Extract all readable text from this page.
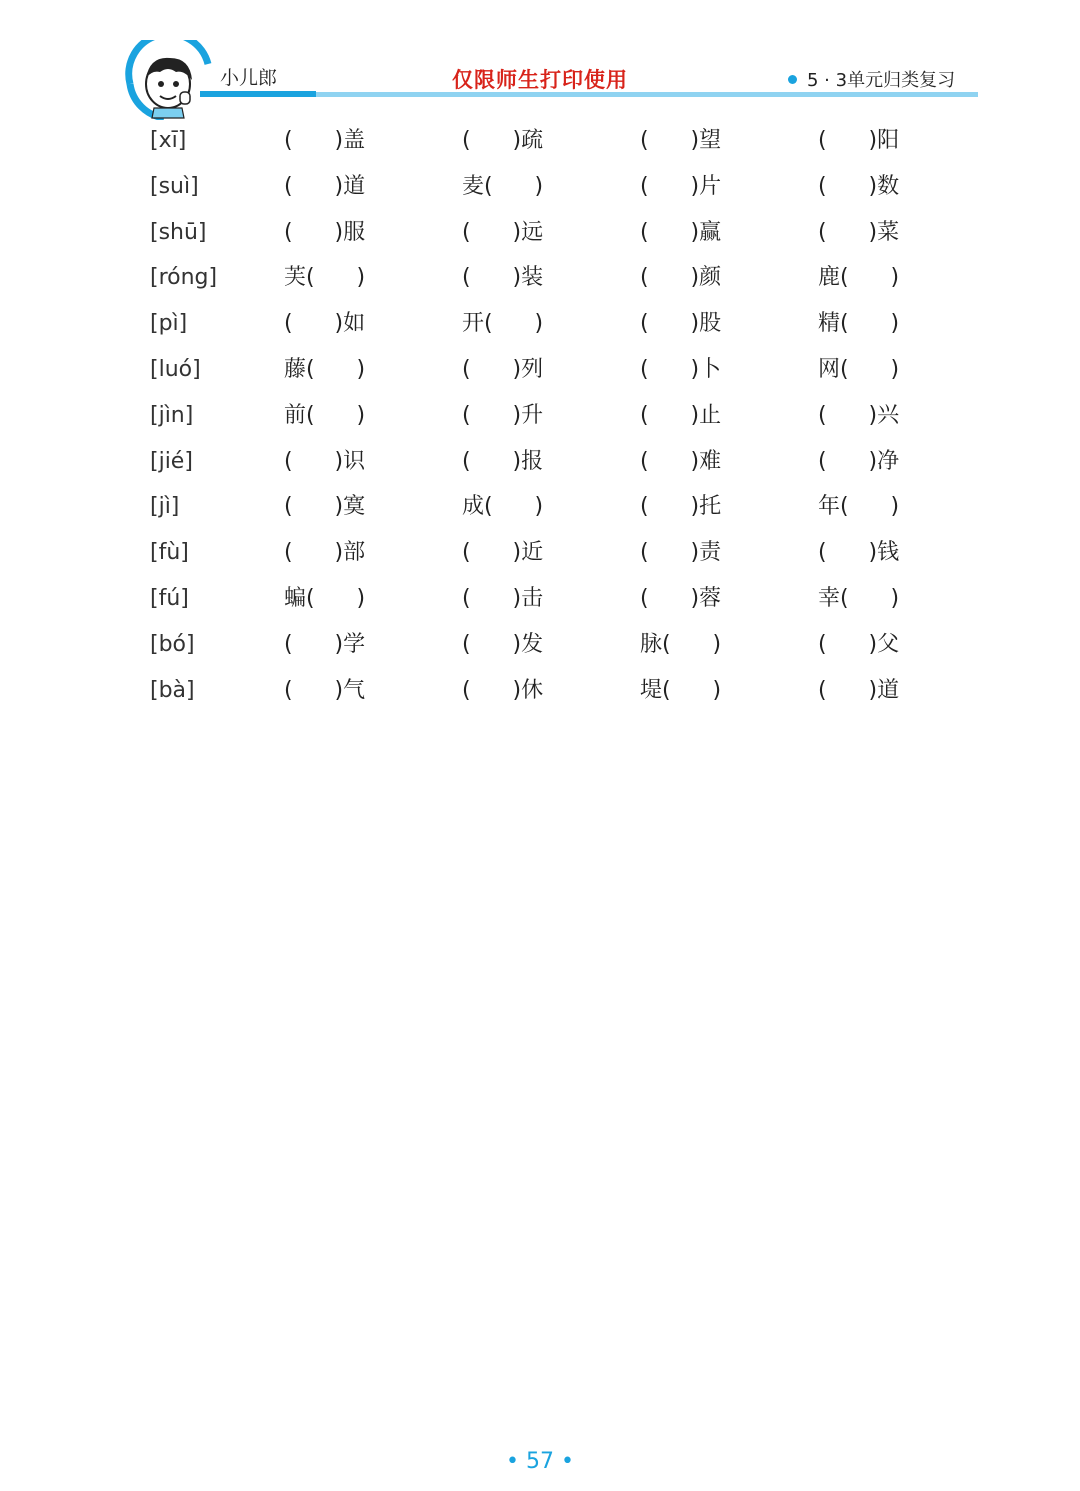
小儿郎	仅限师生打印使用	5 · 3单元归类复习
[xī]	(      )盖	(      )疏	(      )望	(      )阳
[suì]	(      )道	麦(      )	(      )片	(      )数
[shū]	(      )服	(      )远	(      )赢	(      )菜
[róng]	芙(      )	(      )装	(      )颜	鹿(      )
[pì]	(      )如	开(      )	(      )股	精(      )
[luó]	藤(      )	(      )列	(      )卜	网(      )
[jìn]	前(      )	(      )升	(      )止	(      )兴
[jié]	(      )识	(      )报	(      )难	(      )净
[jì]	(      )寞	成(      )	(      )托	年(      )
[fù]	(      )部	(      )近	(      )责	(      )钱
[fú]	蝙(      )	(      )击	(      )蓉	幸(      )
[bó]	(      )学	(      )发	脉(      )	(      )父
[bà]	(      )气	(      )休	堤(      )	(      )道
• 57 •
